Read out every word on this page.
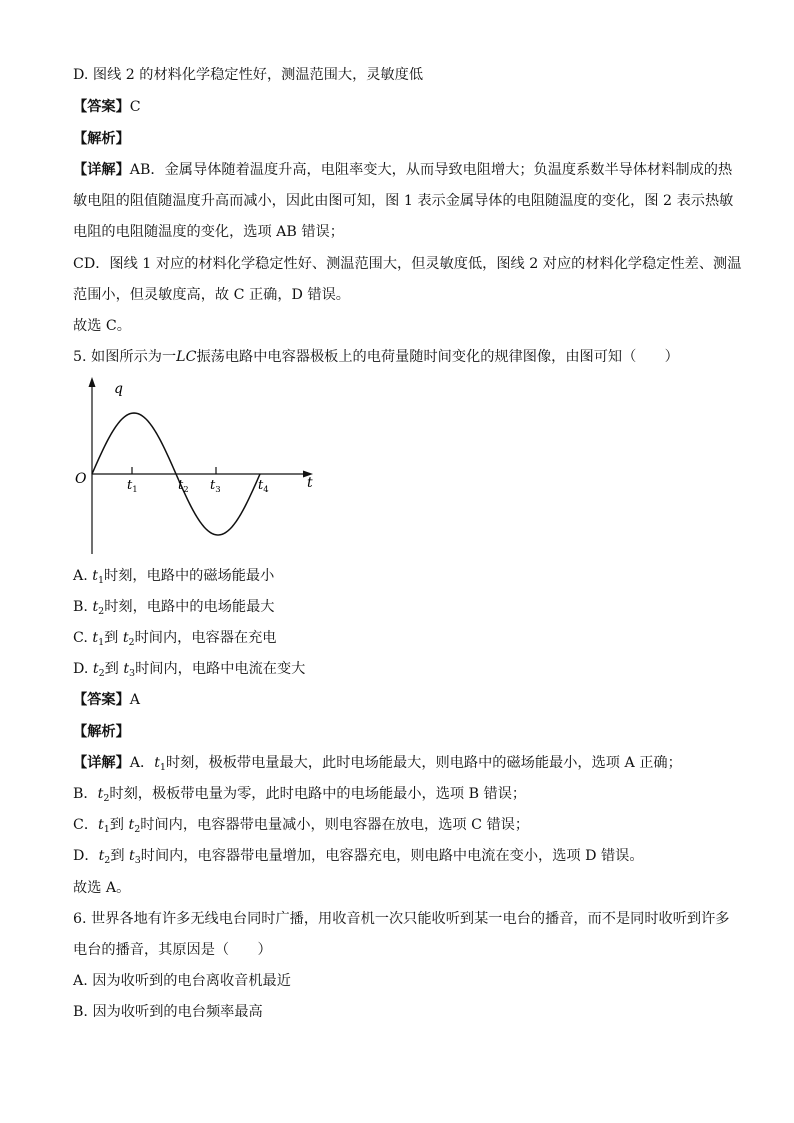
D. 图线 2 的材料化学稳定性好，测温范围大，灵敏度低
【答案】C
【解析】
【详解】AB．金属导体随着温度升高，电阻率变大，从而导致电阻增大；负温度系数半导体材料制成的热
敏电阻的阻值随温度升高而减小，因此由图可知，图 1 表示金属导体的电阻随温度的变化，图 2 表示热敏
电阻的电阻随温度的变化，选项 AB 错误；
CD．图线 1 对应的材料化学稳定性好、测温范围大，但灵敏度低，图线 2 对应的材料化学稳定性差、测温
范围小，但灵敏度高，故 C 正确，D 错误。
故选 C。
5. 如图所示为一LC振荡电路中电容器极板上的电荷量随时间变化的规律图像，由图可知（　　）
q
t
O	$t_1$	$t_2$ $t_3$	$t_4$
A. $t_1$时刻，电路中的磁场能最小
B. $t_2$时刻，电路中的电场能最大
C. $t_1$到 $t_2$时间内，电容器在充电
D. $t_2$到 $t_3$时间内，电路中电流在变大
【答案】A
【解析】
【详解】A．$t_1$时刻，极板带电量最大，此时电场能最大，则电路中的磁场能最小，选项 A 正确；
B．$t_2$时刻，极板带电量为零，此时电路中的电场能最小，选项 B 错误；
C．$t_1$到 $t_2$时间内，电容器带电量减小，则电容器在放电，选项 C 错误；
D．$t_2$到 $t_3$时间内，电容器带电量增加，电容器充电，则电路中电流在变小，选项 D 错误。
故选 A。
6. 世界各地有许多无线电台同时广播，用收音机一次只能收听到某一电台的播音，而不是同时收听到许多
电台的播音，其原因是（　　）
A. 因为收听到的电台离收音机最近
B. 因为收听到的电台频率最高
